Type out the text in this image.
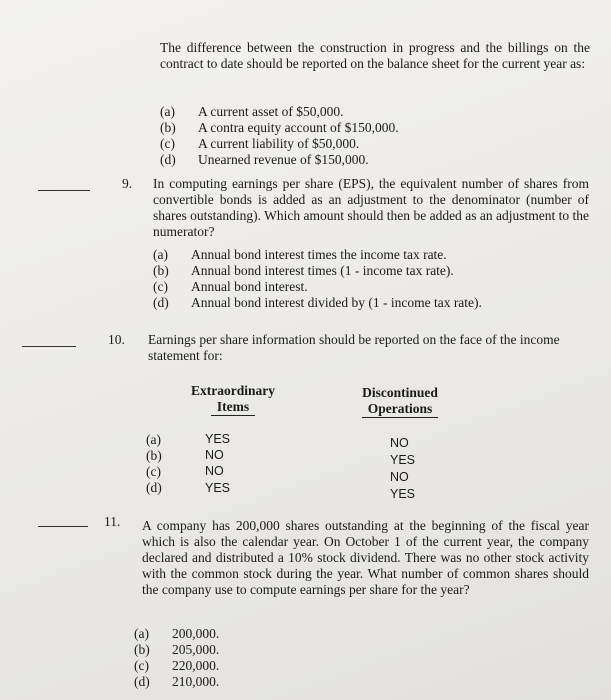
The difference between the construction in progress and the billings on the contract to date should be reported on the balance sheet for the current year as:
(a) A current asset of $50,000.
(b) A contra equity account of $150,000.
(c) A current liability of $50,000.
(d) Unearned revenue of $150,000.
9. In computing earnings per share (EPS), the equivalent number of shares from convertible bonds is added as an adjustment to the denominator (number of shares outstanding). Which amount should then be added as an adjustment to the numerator?
(a) Annual bond interest times the income tax rate.
(b) Annual bond interest times (1 - income tax rate).
(c) Annual bond interest.
(d) Annual bond interest divided by (1 - income tax rate).
10. Earnings per share information should be reported on the face of the income statement for:
Extraordinary
Items
Discontinued
Operations
(a)	YES	NO
(b)	NO	YES
(c)	NO	NO
(d)	YES	YES
11. A company has 200,000 shares outstanding at the beginning of the fiscal year which is also the calendar year. On October 1 of the current year, the company declared and distributed a 10% stock dividend. There was no other stock activity with the common stock during the year. What number of common shares should the company use to compute earnings per share for the year?
(a) 200,000.
(b) 205,000.
(c) 220,000.
(d) 210,000.
